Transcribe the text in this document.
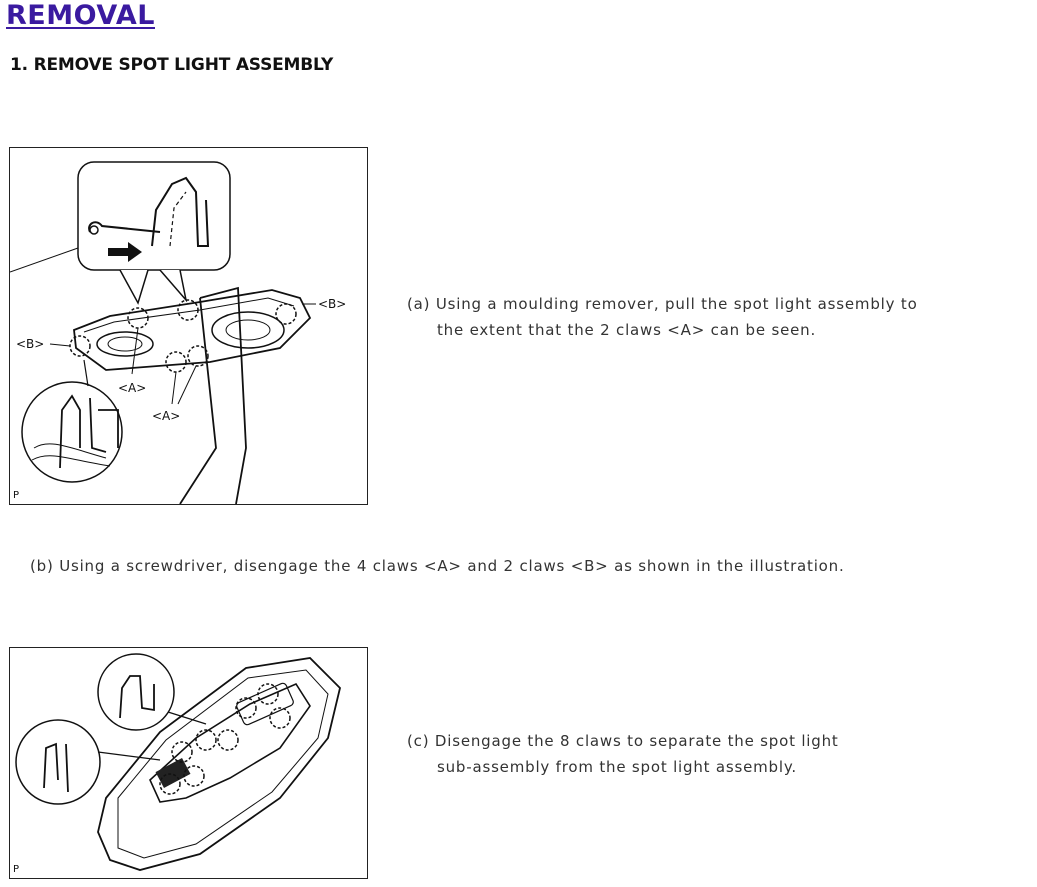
REMOVAL
1. REMOVE SPOT LIGHT ASSEMBLY
<B>
<B>
<A>
<A>
P
(a) Using a moulding remover, pull the spot light assembly to
the extent that the 2 claws <A> can be seen.
(b) Using a screwdriver, disengage the 4 claws <A> and 2 claws <B> as shown in the illustration.
P
(c) Disengage the 8 claws to separate the spot light
sub-assembly from the spot light assembly.
